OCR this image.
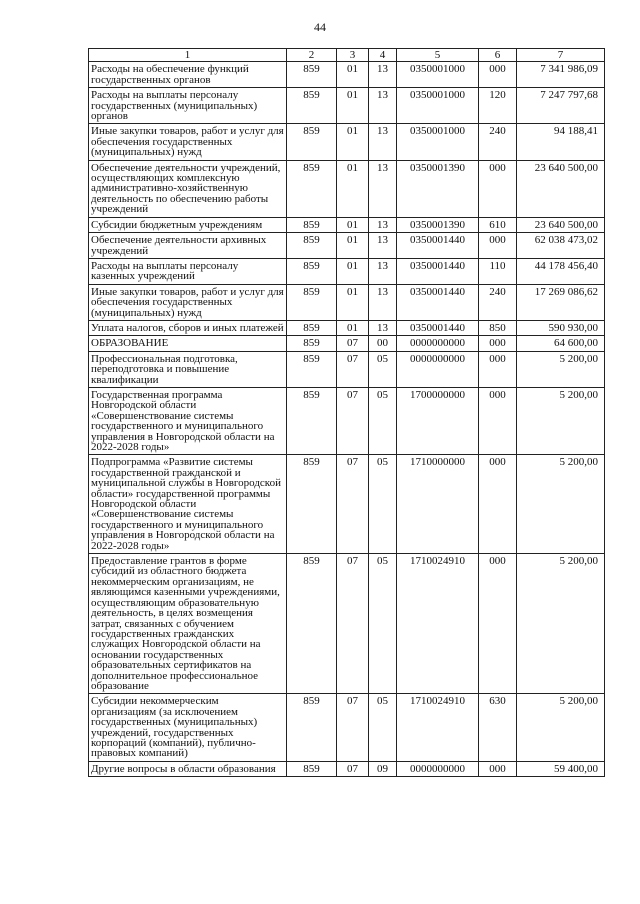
44
1	2	3	4	5	6	7
Расходы на обеспечение функций государственных органов	859	01	13	0350001000	000	7 341 986,09
Расходы на выплаты персоналу государственных (муниципальных) органов	859	01	13	0350001000	120	7 247 797,68
Иные закупки товаров, работ и услуг для обеспечения государственных (муниципальных) нужд	859	01	13	0350001000	240	94 188,41
Обеспечение деятельности учреждений, осуществляющих комплексную административно-хозяйственную деятельность по обеспечению работы учреждений	859	01	13	0350001390	000	23 640 500,00
Субсидии бюджетным учреждениям	859	01	13	0350001390	610	23 640 500,00
Обеспечение деятельности архивных учреждений	859	01	13	0350001440	000	62 038 473,02
Расходы на выплаты персоналу казенных учреждений	859	01	13	0350001440	110	44 178 456,40
Иные закупки товаров, работ и услуг для обеспечения государственных (муниципальных) нужд	859	01	13	0350001440	240	17 269 086,62
Уплата налогов, сборов и иных платежей	859	01	13	0350001440	850	590 930,00
ОБРАЗОВАНИЕ	859	07	00	0000000000	000	64 600,00
Профессиональная подготовка, переподготовка и повышение квалификации	859	07	05	0000000000	000	5 200,00
Государственная программа Новгородской области «Совершенствование системы государственного и муниципального управления в Новгородской области на 2022-2028 годы»	859	07	05	1700000000	000	5 200,00
Подпрограмма «Развитие системы государственной гражданской и муниципальной службы в Новгородской области» государственной программы Новгородской области «Совершенствование системы государственного и муниципального управления в Новгородской области на 2022-2028 годы»	859	07	05	1710000000	000	5 200,00
Предоставление грантов в форме субсидий из областного бюджета некоммерческим организациям, не являющимся казенными учреждениями, осуществляющим образовательную деятельность, в целях возмещения затрат, связанных с обучением государственных гражданских служащих Новгородской области на основании государственных образовательных сертификатов на дополнительное профессиональное образование	859	07	05	1710024910	000	5 200,00
Субсидии некоммерческим организациям (за исключением государственных (муниципальных) учреждений, государственных корпораций (компаний), публично-правовых компаний)	859	07	05	1710024910	630	5 200,00
Другие вопросы в области образования	859	07	09	0000000000	000	59 400,00
